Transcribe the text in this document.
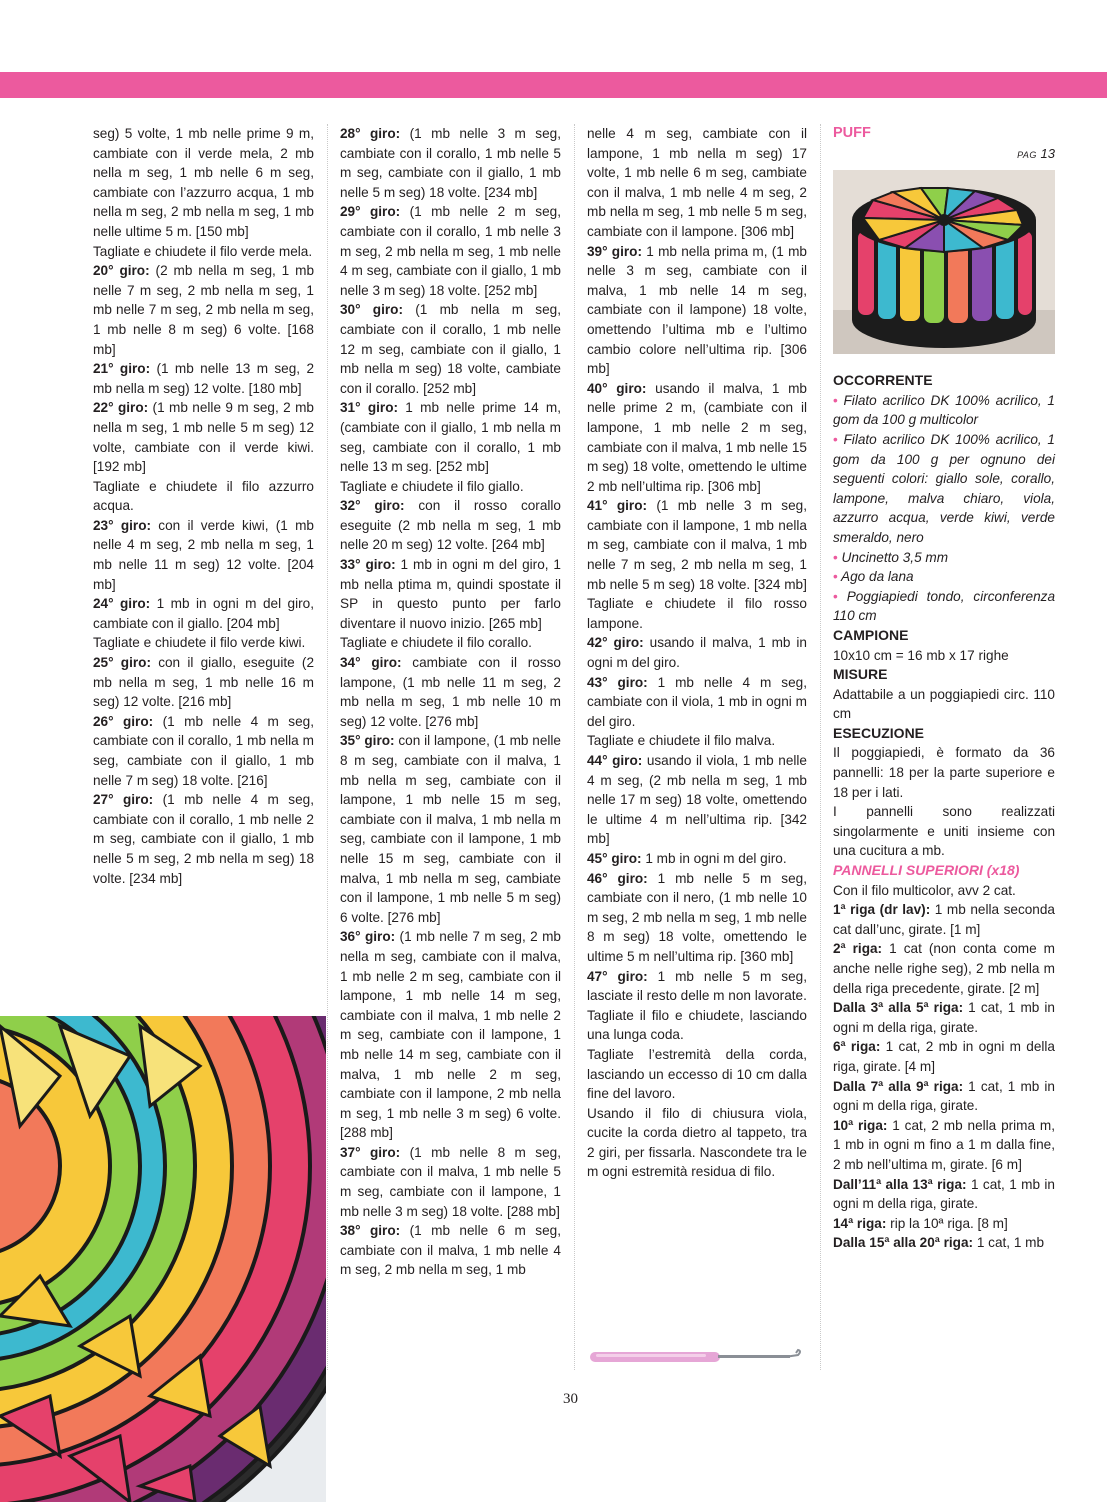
seg) 5 volte, 1 mb nelle prime 9 m, cambiate con il verde mela, 2 mb nella m seg, 1 mb nelle 6 m seg, cambiate con l’azzurro acqua, 1 mb nella m seg, 2 mb nella m seg, 1 mb nelle ultime 5 m. [150 mb]

Tagliate e chiudete il filo verde mela.

20° giro: (2 mb nella m seg, 1 mb nelle 7 m seg, 2 mb nella m seg, 1 mb nelle 7 m seg, 2 mb nella m seg, 1 mb nelle 8 m seg) 6 volte. [168 mb]

21° giro: (1 mb nelle 13 m seg, 2 mb nella m seg) 12 volte. [180 mb]

22° giro: (1 mb nelle 9 m seg, 2 mb nella m seg, 1 mb nelle 5 m seg) 12 volte, cambiate con il verde kiwi. [192 mb]

Tagliate e chiudete il filo azzurro acqua.

23° giro: con il verde kiwi, (1 mb nelle 4 m seg, 2 mb nella m seg, 1 mb nelle 11 m seg) 12 volte. [204 mb]

24° giro: 1 mb in ogni m del giro, cambiate con il giallo. [204 mb]

Tagliate e chiudete il filo verde kiwi.

25° giro: con il giallo, eseguite (2 mb nella m seg, 1 mb nelle 16 m seg) 12 volte. [216 mb]

26° giro: (1 mb nelle 4 m seg, cambiate con il corallo, 1 mb nella m seg, cambiate con il giallo, 1 mb nelle 7 m seg) 18 volte. [216]

27° giro: (1 mb nelle 4 m seg, cambiate con il corallo, 1 mb nelle 2 m seg, cambiate con il giallo, 1 mb nelle 5 m seg, 2 mb nella m seg) 18 volte. [234 mb]

28° giro: (1 mb nelle 3 m seg, cambiate con il corallo, 1 mb nelle 5 m seg, cambiate con il giallo, 1 mb nelle 5 m seg) 18 volte. [234 mb]

29° giro: (1 mb nelle 2 m seg, cambiate con il corallo, 1 mb nelle 3 m seg, 2 mb nella m seg, 1 mb nelle 4 m seg, cambiate con il giallo, 1 mb nelle 3 m seg) 18 volte. [252 mb]

30° giro: (1 mb nella m seg, cambiate con il corallo, 1 mb nelle 12 m seg, cambiate con il giallo, 1 mb nella m seg) 18 volte, cambiate con il corallo. [252 mb]

31° giro: 1 mb nelle prime 14 m, (cambiate con il giallo, 1 mb nella m seg, cambiate con il corallo, 1 mb nelle 13 m seg. [252 mb]

Tagliate e chiudete il filo giallo.

32° giro: con il rosso corallo eseguite (2 mb nella m seg, 1 mb nelle 20 m seg) 12 volte. [264 mb]

33° giro: 1 mb in ogni m del giro, 1 mb nella ptima m, quindi spostate il SP in questo punto per farlo diventare il nuovo inizio. [265 mb]

Tagliate e chiudete il filo corallo.

34° giro: cambiate con il rosso lampone, (1 mb nelle 11 m seg, 2 mb nella m seg, 1 mb nelle 10 m seg) 12 volte. [276 mb]

35° giro: con il lampone, (1 mb nelle 8 m seg, cambiate con il malva, 1 mb nella m seg, cambiate con il lampone, 1 mb nelle 15 m seg, cambiate con il malva, 1 mb nella m seg, cambiate con il lampone, 1 mb nelle 15 m seg, cambiate con il malva, 1 mb nella m seg, cambiate con il lampone, 1 mb nelle 5 m seg) 6 volte. [276 mb]

36° giro: (1 mb nelle 7 m seg, 2 mb nella m seg, cambiate con il malva, 1 mb nelle 2 m seg, cambiate con il lampone, 1 mb nelle 14 m seg, cambiate con il malva, 1 mb nelle 2 m seg, cambiate con il lampone, 1 mb nelle 14 m seg, cambiate con il malva, 1 mb nelle 2 m seg, cambiate con il lampone, 2 mb nella m seg, 1 mb nelle 3 m seg) 6 volte. [288 mb]

37° giro: (1 mb nelle 8 m seg, cambiate con il malva, 1 mb nelle 5 m seg, cambiate con il lampone, 1 mb nelle 3 m seg) 18 volte. [288 mb]

38° giro: (1 mb nelle 6 m seg, cambiate con il malva, 1 mb nelle 4 m seg, 2 mb nella m seg, 1 mb

nelle 4 m seg, cambiate con il lampone, 1 mb nella m seg) 17 volte, 1 mb nelle 6 m seg, cambiate con il malva, 1 mb nelle 4 m seg, 2 mb nella m seg, 1 mb nelle 5 m seg, cambiate con il lampone. [306 mb]

39° giro: 1 mb nella prima m, (1 mb nelle 3 m seg, cambiate con il malva, 1 mb nelle 14 m seg, cambiate con il lampone) 18 volte, omettendo l’ultima mb e l’ultimo cambio colore nell’ultima rip. [306 mb]

40° giro: usando il malva, 1 mb nelle prime 2 m, (cambiate con il lampone, 1 mb nelle 2 m seg, cambiate con il malva, 1 mb nelle 15 m seg) 18 volte, omettendo le ultime 2 mb nell’ultima rip. [306 mb]

41° giro: (1 mb nelle 3 m seg, cambiate con il lampone, 1 mb nella m seg, cambiate con il malva, 1 mb nelle 7 m seg, 2 mb nella m seg, 1 mb nelle 5 m seg) 18 volte. [324 mb]

Tagliate e chiudete il filo rosso lampone.

42° giro: usando il malva, 1 mb in ogni m del giro.

43° giro: 1 mb nelle 4 m seg, cambiate con il viola, 1 mb in ogni m del giro.

Tagliate e chiudete il filo malva.

44° giro: usando il viola, 1 mb nelle 4 m seg, (2 mb nella m seg, 1 mb nelle 17 m seg) 18 volte, omettendo le ultime 4 m nell’ultima rip. [342 mb]

45° giro: 1 mb in ogni m del giro.

46° giro: 1 mb nelle 5 m seg, cambiate con il nero, (1 mb nelle 10 m seg, 2 mb nella m seg, 1 mb nelle 8 m seg) 18 volte, omettendo le ultime 5 m nell’ultima rip. [360 mb]

47° giro: 1 mb nelle 5 m seg, lasciate il resto delle m non lavorate.

Tagliate il filo e chiudete, lasciando una lunga coda.

Tagliate l’estremità della corda, lasciando un eccesso di 10 cm dalla fine del lavoro.

Usando il filo di chiusura viola, cucite la corda dietro al tappeto, tra 2 giri, per fissarla. Nascondete tra le m ogni estremità residua di filo.

PUFF

PAG 13

OCCORRENTE

• Filato acrilico DK 100% acrilico, 1 gom da 100 g multicolor

• Filato acrilico DK 100% acrilico, 1 gom da 100 g per ognuno dei seguenti colori: giallo sole, corallo, lampone, malva chiaro, viola, azzurro acqua, verde kiwi, verde smeraldo, nero

• Uncinetto 3,5 mm

• Ago da lana

• Poggiapiedi tondo, circonferenza 110 cm

CAMPIONE

10x10 cm = 16 mb x 17 righe

MISURE

Adattabile a un poggiapiedi circ. 110 cm

ESECUZIONE

Il poggiapiedi, è formato da 36 pannelli: 18 per la parte superiore e 18 per i lati.

I pannelli sono realizzati singolarmente e uniti insieme con una cucitura a mb.

PANNELLI SUPERIORI (x18)

Con il filo multicolor, avv 2 cat.

1ª riga (dr lav): 1 mb nella seconda cat dall’unc, girate. [1 m]

2ª riga: 1 cat (non conta come m anche nelle righe seg), 2 mb nella m della riga precedente, girate. [2 m]

Dalla 3ª alla 5ª riga: 1 cat, 1 mb in ogni m della riga, girate.

6ª riga: 1 cat, 2 mb in ogni m della riga, girate. [4 m]

Dalla 7ª alla 9ª riga: 1 cat, 1 mb in ogni m della riga, girate.

10ª riga: 1 cat, 2 mb nella prima m, 1 mb in ogni m fino a 1 m dalla fine, 2 mb nell’ultima m, girate. [6 m]

Dall’11ª alla 13ª riga: 1 cat, 1 mb in ogni m della riga, girate.

14ª riga: rip la 10ª riga. [8 m]

Dalla 15ª alla 20ª riga: 1 cat, 1 mb

30
